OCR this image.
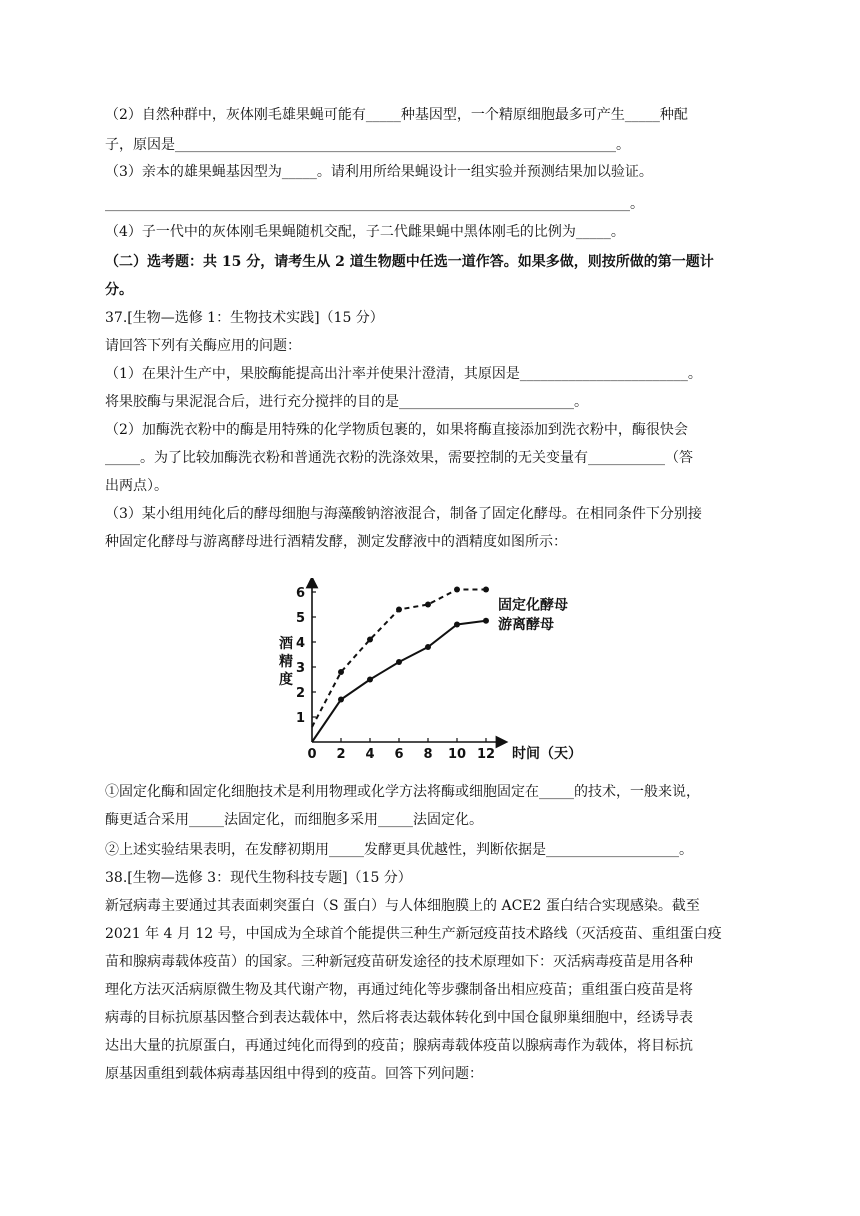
（2）自然种群中，灰体刚毛雄果蝇可能有_____种基因型，一个精原细胞最多可产生_____种配
子，原因是_______________________________________________________________。
（3）亲本的雄果蝇基因型为_____。请利用所给果蝇设计一组实验并预测结果加以验证。
___________________________________________________________________________。
（4）子一代中的灰体刚毛果蝇随机交配，子二代雌果蝇中黑体刚毛的比例为_____。
（二）选考题：共 15 分，请考生从 2 道生物题中任选一道作答。如果多做，则按所做的第一题计
分。
37.[生物—选修 1：生物技术实践]（15 分）
请回答下列有关酶应用的问题：
（1）在果汁生产中，果胶酶能提高出汁率并使果汁澄清，其原因是________________________。
将果胶酶与果泥混合后，进行充分搅拌的目的是_________________________。
（2）加酶洗衣粉中的酶是用特殊的化学物质包裹的，如果将酶直接添加到洗衣粉中，酶很快会
_____。为了比较加酶洗衣粉和普通洗衣粉的洗涤效果，需要控制的无关变量有___________（答
出两点）。
（3）某小组用纯化后的酵母细胞与海藻酸钠溶液混合，制备了固定化酵母。在相同条件下分别接
种固定化酵母与游离酵母进行酒精发酵，测定发酵液中的酒精度如图所示：
①固定化酶和固定化细胞技术是利用物理或化学方法将酶或细胞固定在_____的技术，一般来说，
酶更适合采用_____法固定化，而细胞多采用_____法固定化。
②上述实验结果表明，在发酵初期用_____发酵更具优越性，判断依据是___________________。
38.[生物—选修 3：现代生物科技专题]（15 分）
新冠病毒主要通过其表面刺突蛋白（S 蛋白）与人体细胞膜上的 ACE2 蛋白结合实现感染。截至
2021 年 4 月 12 号，中国成为全球首个能提供三种生产新冠疫苗技术路线（灭活疫苗、重组蛋白疫
苗和腺病毒载体疫苗）的国家。三种新冠疫苗研发途径的技术原理如下：灭活病毒疫苗是用各种
理化方法灭活病原微生物及其代谢产物，再通过纯化等步骤制备出相应疫苗；重组蛋白疫苗是将
病毒的目标抗原基因整合到表达载体中，然后将表达载体转化到中国仓鼠卵巢细胞中，经诱导表
达出大量的抗原蛋白，再通过纯化而得到的疫苗；腺病毒载体疫苗以腺病毒作为载体，将目标抗
原基因重组到载体病毒基因组中得到的疫苗。回答下列问题：
0 2 4 6 8 10 12
1
2
3
4
5
6
时间（天）
酒
精
度
固定化酵母
游离酵母
